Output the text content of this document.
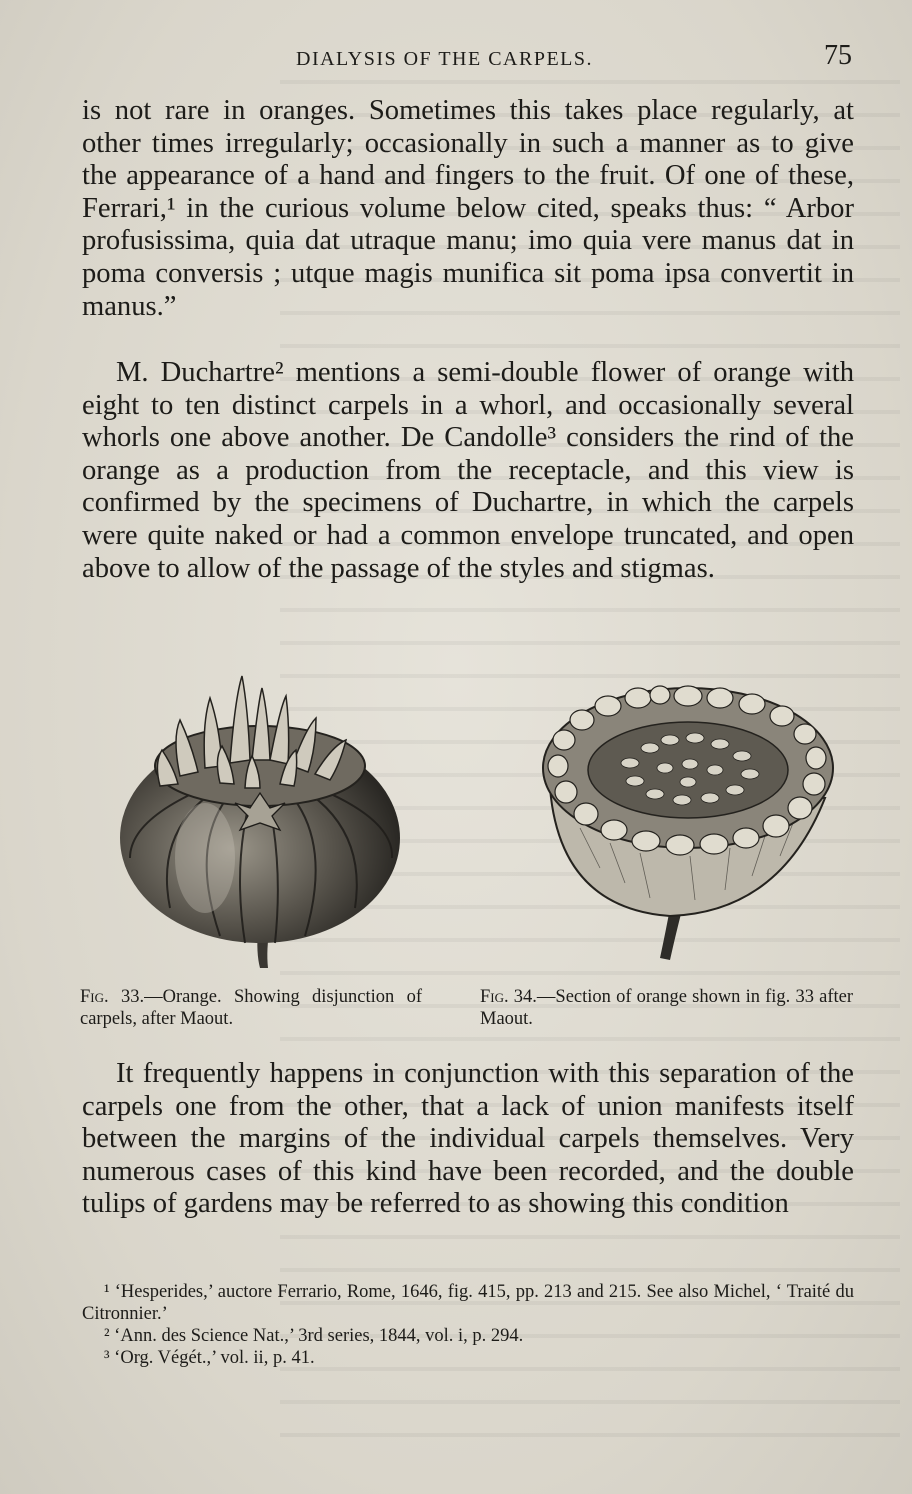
DIALYSIS OF THE CARPELS.	75

is not rare in oranges. Sometimes this takes place regularly, at other times irregularly; occasionally in such a manner as to give the appearance of a hand and fingers to the fruit. Of one of these, Ferrari,¹ in the curious volume below cited, speaks thus: “ Arbor profusissima, quia dat utraque manu; imo quia vere manus dat in poma conversis ; utque magis munifica sit poma ipsa convertit in manus.”

M. Duchartre² mentions a semi-double flower of orange with eight to ten distinct carpels in a whorl, and occasionally several whorls one above another. De Candolle³ considers the rind of the orange as a production from the receptacle, and this view is confirmed by the specimens of Duchartre, in which the carpels were quite naked or had a common envelope truncated, and open above to allow of the passage of the styles and stigmas.

Fig. 33.—Orange. Showing disjunction of carpels, after Maout.

Fig. 34.—Section of orange shown in fig. 33 after Maout.

It frequently happens in conjunction with this separation of the carpels one from the other, that a lack of union manifests itself between the margins of the individual carpels themselves. Very numerous cases of this kind have been recorded, and the double tulips of gardens may be referred to as showing this condition

¹ ‘Hesperides,’ auctore Ferrario, Rome, 1646, fig. 415, pp. 213 and 215. See also Michel, ‘ Traité du Citronnier.’

² ‘Ann. des Science Nat.,’ 3rd series, 1844, vol. i, p. 294.

³ ‘Org. Végét.,’ vol. ii, p. 41.
